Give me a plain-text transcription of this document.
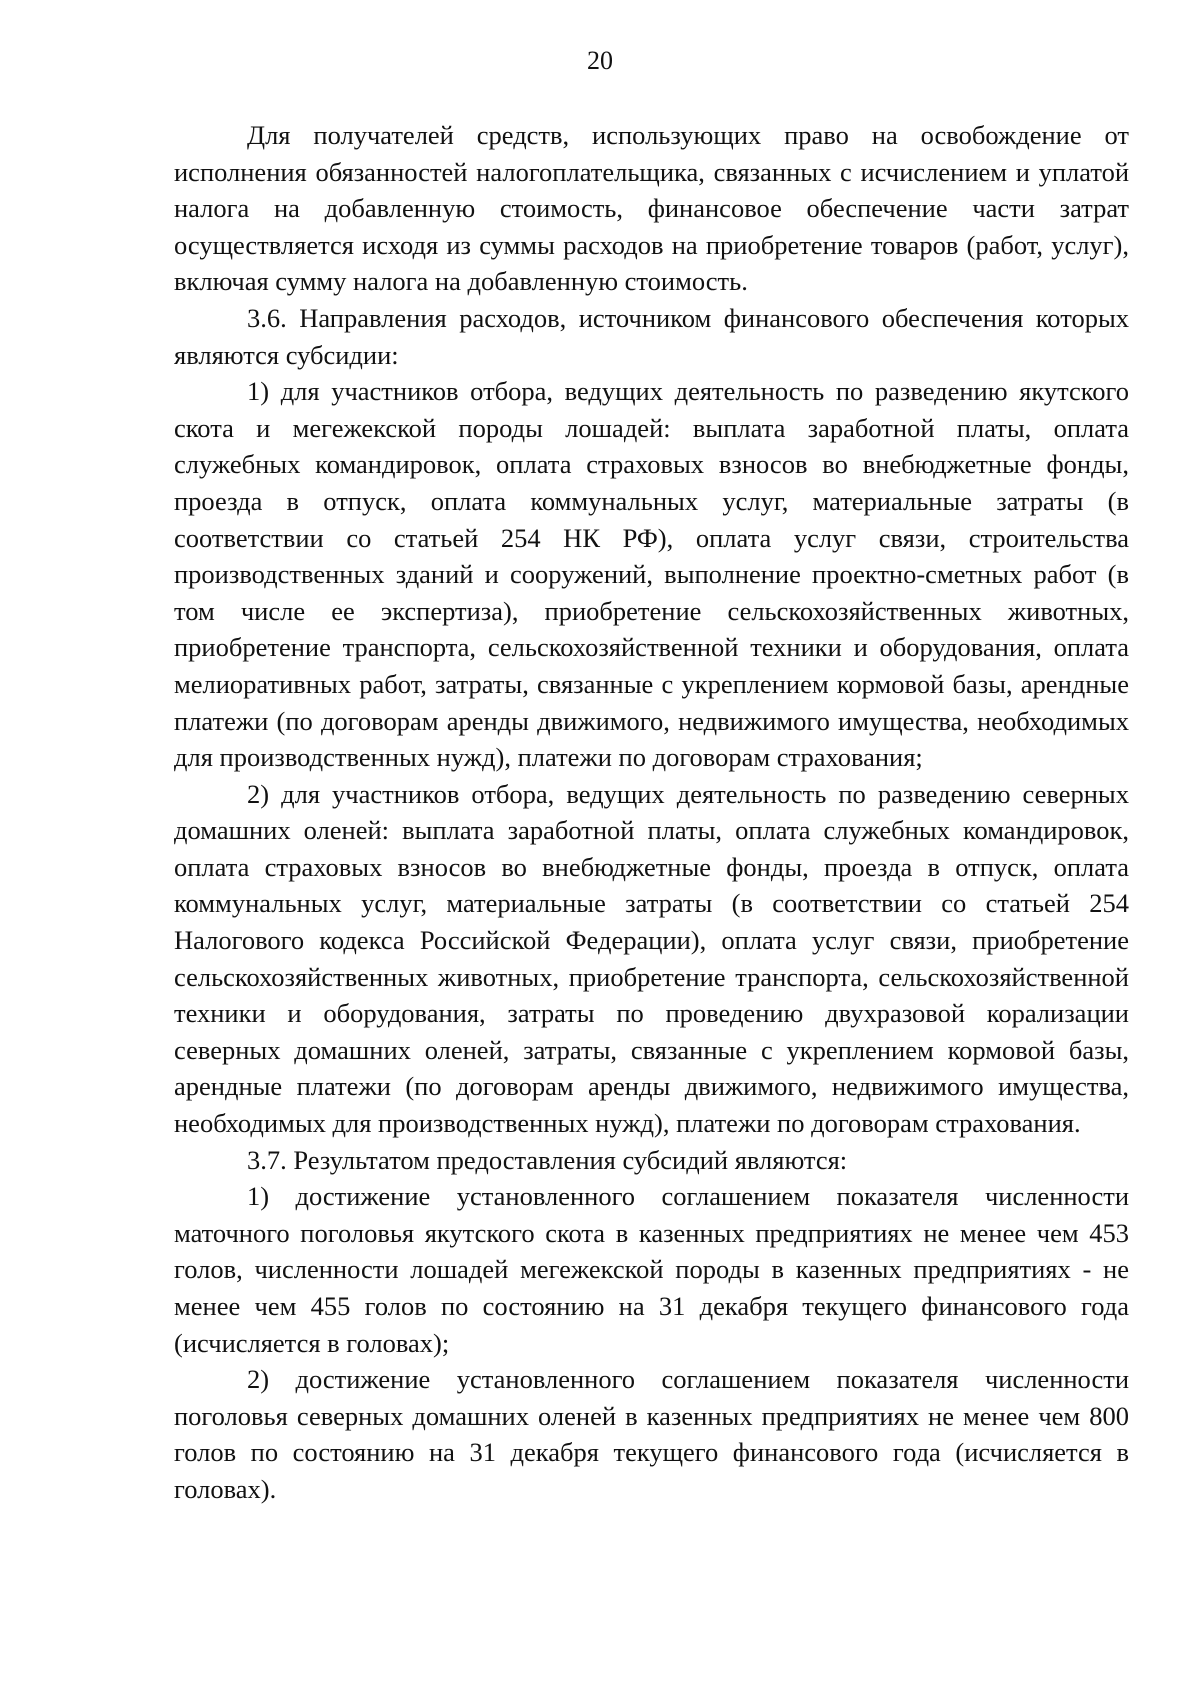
20

Для получателей средств, использующих право на освобождение от исполнения обязанностей налогоплательщика, связанных с исчислением и уплатой налога на добавленную стоимость, финансовое обеспечение части затрат осуществляется исходя из суммы расходов на приобретение товаров (работ, услуг), включая сумму налога на добавленную стоимость.

3.6. Направления расходов, источником финансового обеспечения которых являются субсидии:

1) для участников отбора, ведущих деятельность по разведению якутского скота и мегежекской породы лошадей: выплата заработной платы, оплата служебных командировок, оплата страховых взносов во внебюджетные фонды, проезда в отпуск, оплата коммунальных услуг, материальные затраты (в соответствии со статьей 254 НК РФ), оплата услуг связи, строительства производственных зданий и сооружений, выполнение проектно-сметных работ (в том числе ее экспертиза), приобретение сельскохозяйственных животных, приобретение транспорта, сельскохозяйственной техники и оборудования, оплата мелиоративных работ, затраты, связанные с укреплением кормовой базы, арендные платежи (по договорам аренды движимого, недвижимого имущества, необходимых для производственных нужд), платежи по договорам страхования;

2) для участников отбора, ведущих деятельность по разведению северных домашних оленей: выплата заработной платы, оплата служебных командировок, оплата страховых взносов во внебюджетные фонды, проезда в отпуск, оплата коммунальных услуг, материальные затраты (в соответствии со статьей 254 Налогового кодекса Российской Федерации), оплата услуг связи, приобретение сельскохозяйственных животных, приобретение транспорта, сельскохозяйственной техники и оборудования, затраты по проведению двухразовой корализации северных домашних оленей, затраты, связанные с укреплением кормовой базы, арендные платежи (по договорам аренды движимого, недвижимого имущества, необходимых для производственных нужд), платежи по договорам страхования.

3.7. Результатом предоставления субсидий являются:

1) достижение установленного соглашением показателя численности маточного поголовья якутского скота в казенных предприятиях не менее чем 453 голов, численности лошадей мегежекской породы в казенных предприятиях - не менее чем 455 голов по состоянию на 31 декабря текущего финансового года (исчисляется в головах);

2) достижение установленного соглашением показателя численности поголовья северных домашних оленей в казенных предприятиях не менее чем 800 голов по состоянию на 31 декабря текущего финансового года (исчисляется в головах).
